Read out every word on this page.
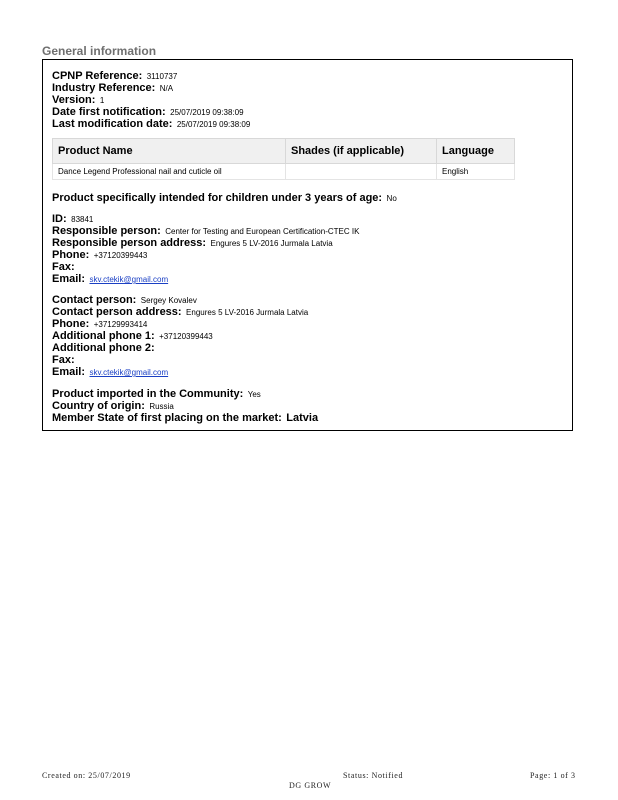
General information
CPNP Reference: 3110737
Industry Reference: N/A
Version: 1
Date first notification: 25/07/2019 09:38:09
Last modification date: 25/07/2019 09:38:09
Product Name	Shades (if applicable)	Language
Dance Legend Professional nail and cuticle oil		English
Product specifically intended for children under 3 years of age: No
ID: 83841
Responsible person: Center for Testing and European Certification-CTEC IK
Responsible person address: Engures 5 LV-2016 Jurmala Latvia
Phone: +37120399443
Fax:
Email: skv.ctekik@gmail.com
Contact person: Sergey Kovalev
Contact person address: Engures 5 LV-2016 Jurmala Latvia
Phone: +37129993414
Additional phone 1: +37120399443
Additional phone 2:
Fax:
Email: skv.ctekik@gmail.com
Product imported in the Community: Yes
Country of origin: Russia
Member State of first placing on the market: Latvia
Created on: 25/07/2019	Status: Notified	Page: 1 of 3
DG GROW
